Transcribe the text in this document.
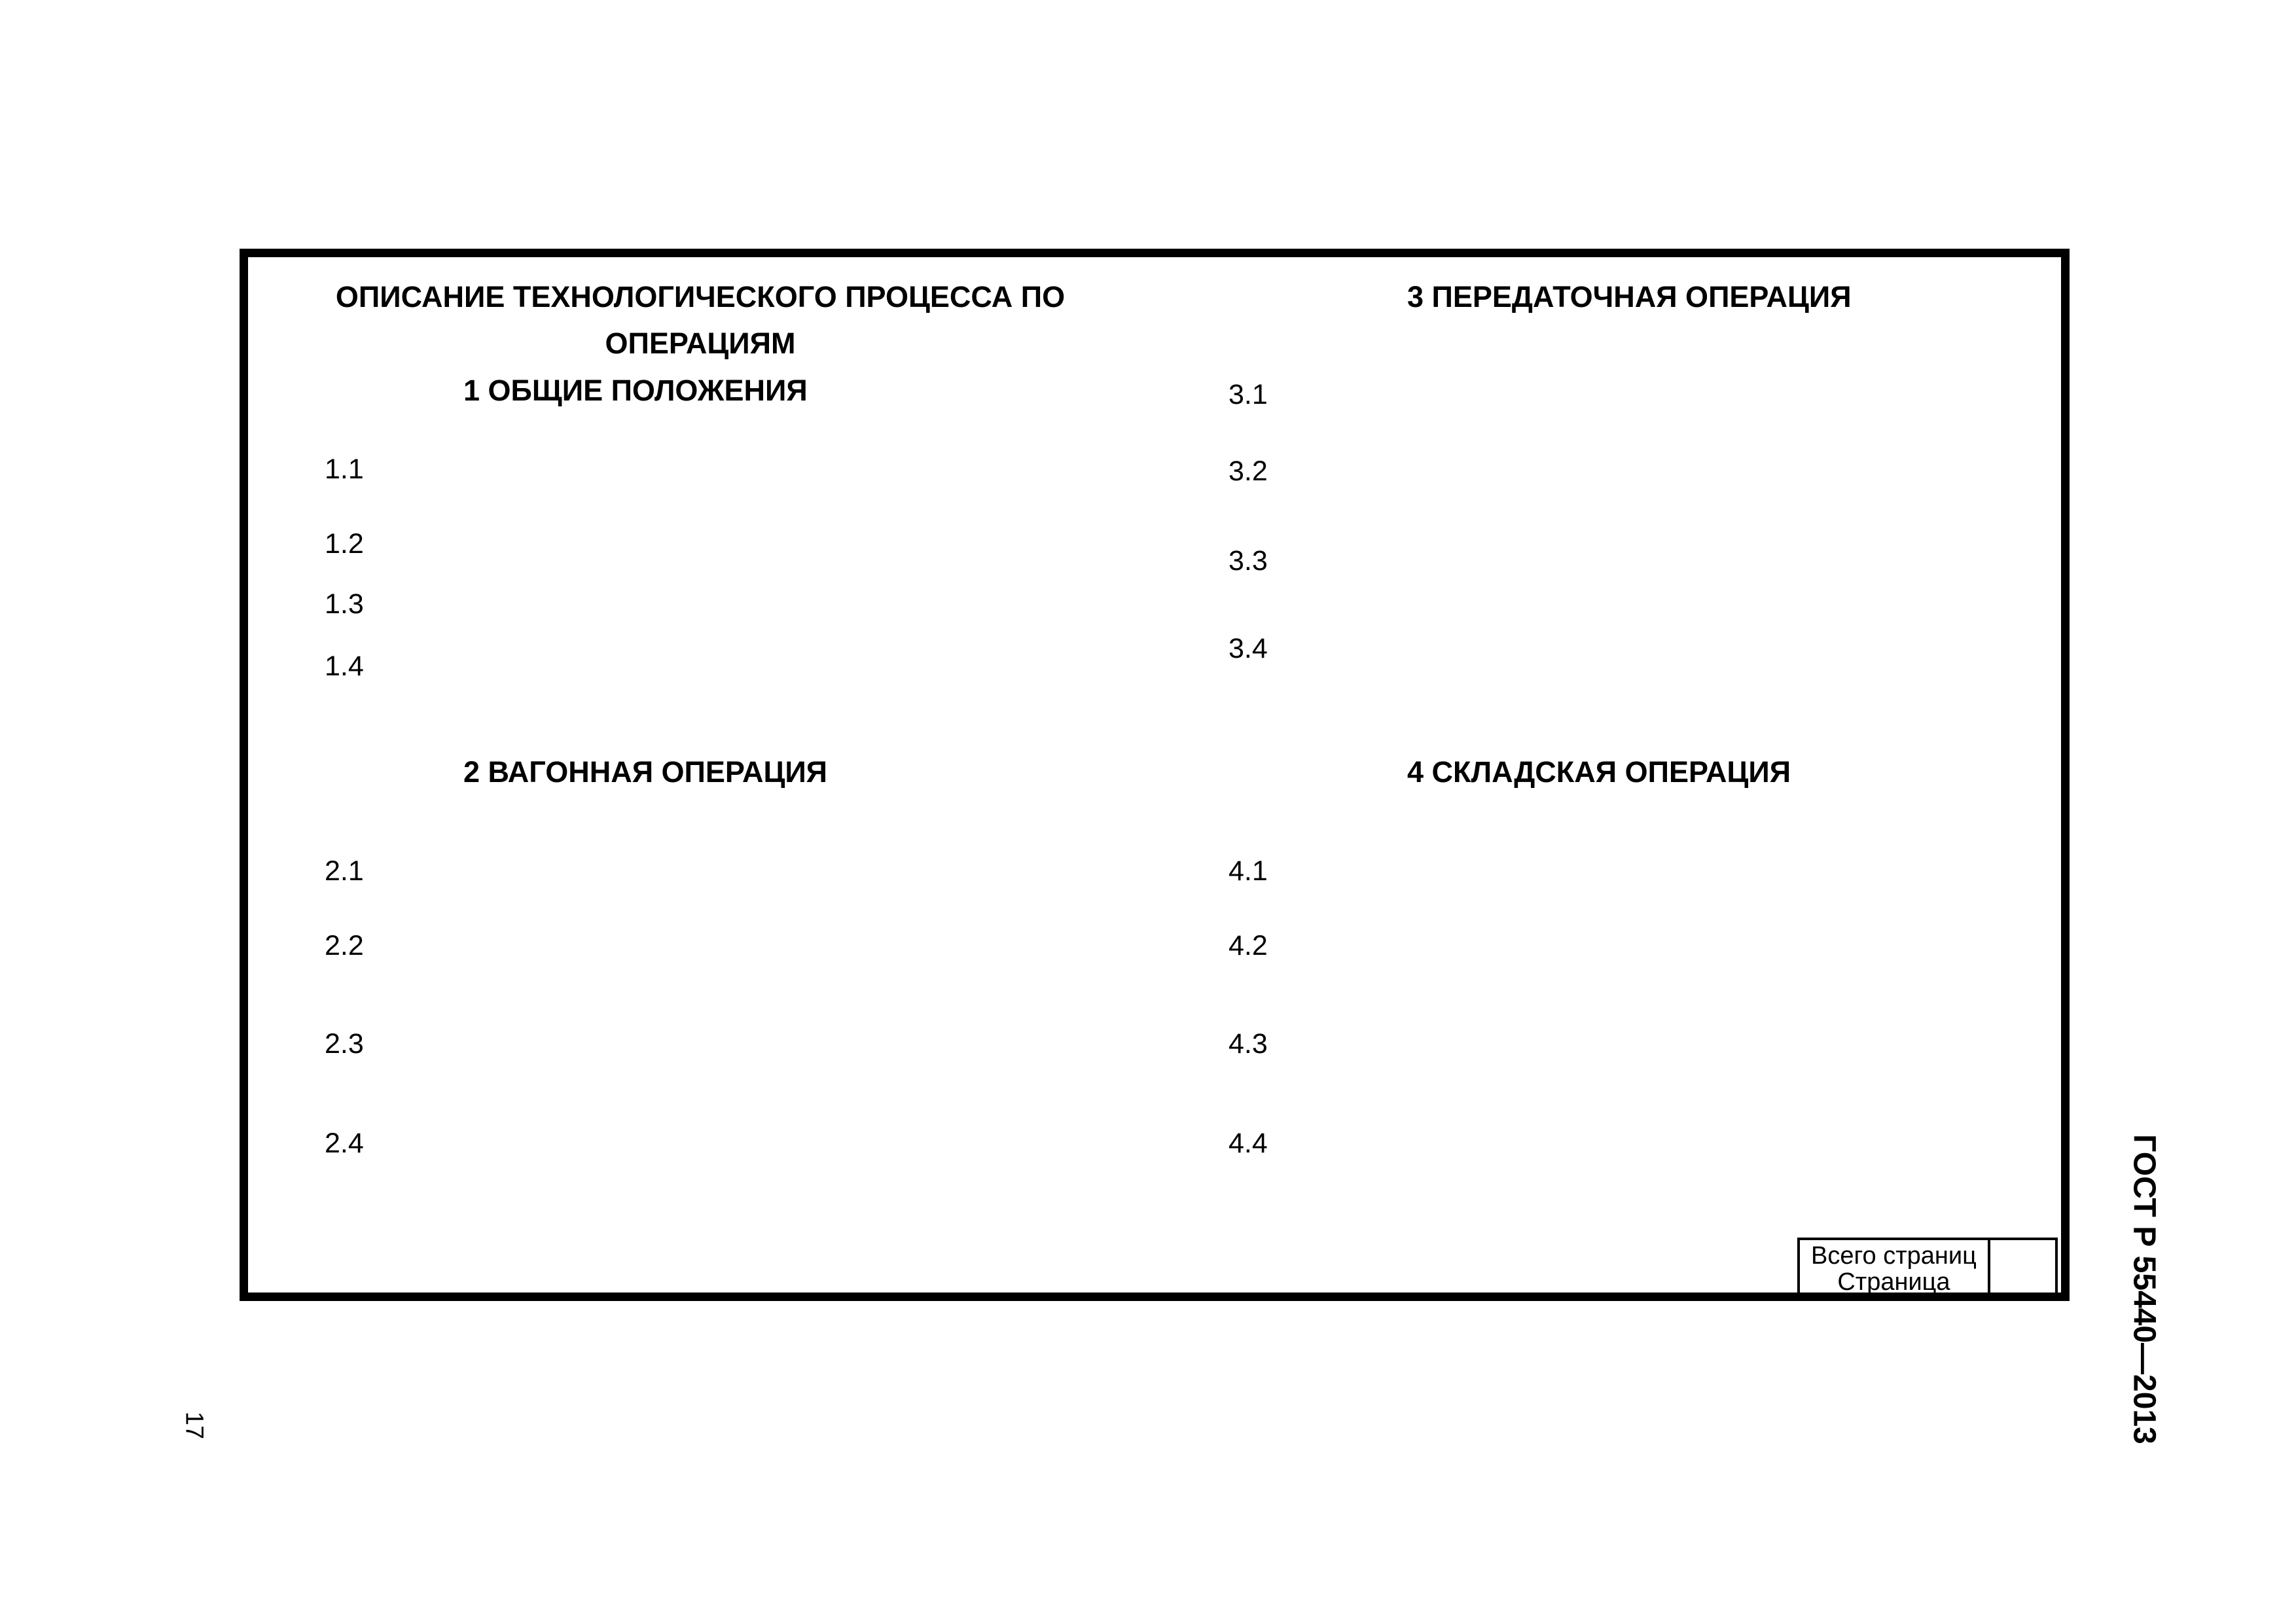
ОПИСАНИЕ ТЕХНОЛОГИЧЕСКОГО ПРОЦЕССА ПО
ОПЕРАЦИЯМ
1 ОБЩИЕ ПОЛОЖЕНИЯ
1.1
1.2
1.3
1.4
2 ВАГОННАЯ ОПЕРАЦИЯ
2.1
2.2
2.3
2.4
3 ПЕРЕДАТОЧНАЯ ОПЕРАЦИЯ
3.1
3.2
3.3
3.4
4 СКЛАДСКАЯ ОПЕРАЦИЯ
4.1
4.2
4.3
4.4
Всего страниц
Страница
		ГОСТ Р 55440—2013
17
